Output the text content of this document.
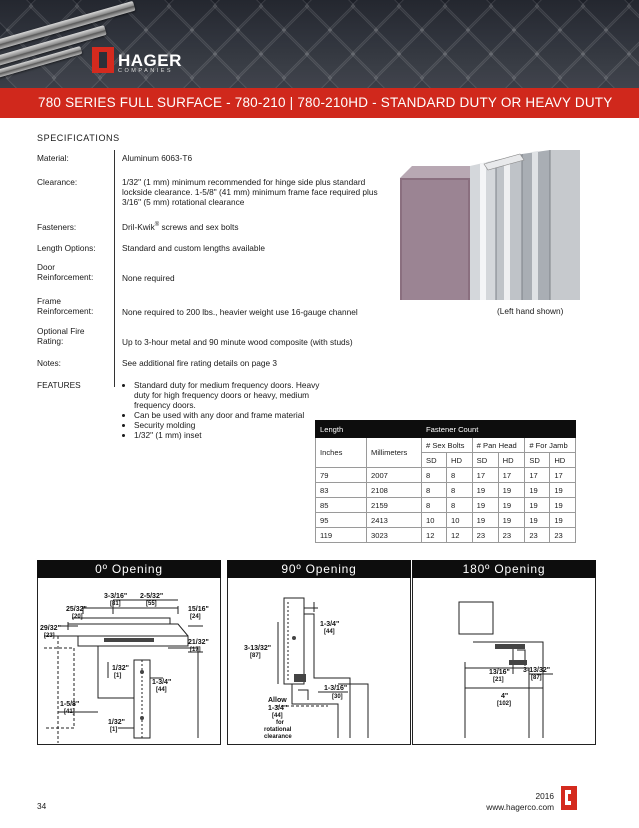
HAGER
COMPANIES
780 SERIES FULL SURFACE - 780-210 | 780-210HD - STANDARD DUTY OR HEAVY DUTY
SPECIFICATIONS
Material:	Aluminum 6063-T6
Clearance:	1/32" (1 mm) minimum recommended for hinge side plus standard lockside clearance. 1-5/8" (41 mm) minimum frame face required plus 3/16" (5 mm) rotational clearance
Fasteners:	Dril-Kwik® screws and sex bolts
Length Options:	Standard and custom lengths available
Door Reinforcement:	None required
Frame Reinforcement:	None required to 200 lbs., heavier weight use 16-gauge channel
Optional Fire Rating:	Up to 3-hour metal and 90 minute wood composite (with studs)
Notes:	See additional fire rating details on page 3
FEATURES	• Standard duty for medium frequency doors. Heavy duty for high frequency doors or heavy, medium frequency doors.
• Can be used with any door and frame material
• Security molding
• 1/32" (1 mm) inset
(Left hand shown)
Length		Fastener Count					
Inches	Millimeters	# Sex Bolts		# Pan Head		# For Jamb	
		SD	HD	SD	HD	SD	HD
79	2007	8	8	17	17	17	17
83	2108	8	8	19	19	19	19
85	2159	8	8	19	19	19	19
95	2413	10	10	19	19	19	19
119	3023	12	12	23	23	23	23
0º Opening
3-3/16"
[81]
2-5/32"
[55]
25/32"
[20]
15/16"
[24]
29/32"
[23]
21/32"
[17]
1/32"
[1]
1-3/4"
[44]
1-5/8"
[41]
1/32"
[1]
90º Opening
1-3/4"
[44]
3-13/32"
[87]
1-3/16"
[30]
Allow
1-3/4"
[44]
for
rotational
clearance
180º Opening
13/16"
[21]
3-13/32"
[87]
4"
[102]
34
2016
www.hagerco.com
